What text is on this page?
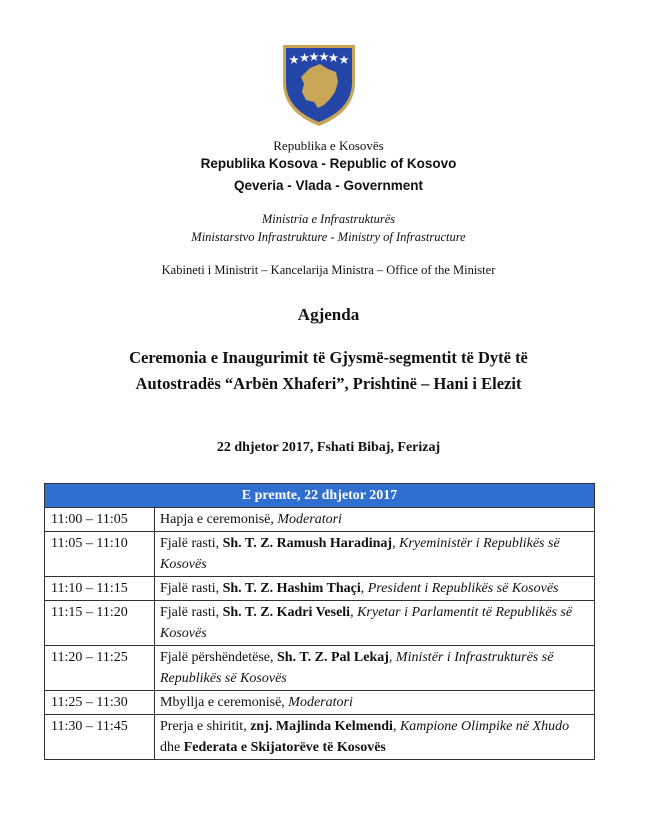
Republika e Kosovës
Republika Kosova - Republic of Kosovo
Qeveria - Vlada - Government
Ministria e Infrastrukturës
Ministarstvo Infrastrukture - Ministry of Infrastructure
Kabineti i Ministrit – Kancelarija Ministra – Office of the Minister
Agjenda
Ceremonia e Inaugurimit të Gjysmë-segmentit të Dytë të
Autostradës “Arbën Xhaferi”, Prishtinë – Hani i Elezit
22 dhjetor 2017, Fshati Bibaj, Ferizaj
E premte, 22 dhjetor 2017	
11:00 – 11:05	Hapja e ceremonisë, Moderatori
11:05 – 11:10	Fjalë rasti, Sh. T. Z. Ramush Haradinaj, Kryeministër i Republikës së Kosovës
11:10 – 11:15	Fjalë rasti, Sh. T. Z. Hashim Thaçi, President i Republikës së Kosovës
11:15 – 11:20	Fjalë rasti, Sh. T. Z. Kadri Veseli, Kryetar i Parlamentit të Republikës së Kosovës
11:20 – 11:25	Fjalë përshëndetëse, Sh. T. Z. Pal Lekaj, Ministër i Infrastrukturës së Republikës së Kosovës
11:25 – 11:30	Mbyllja e ceremonisë, Moderatori
11:30 – 11:45	Prerja e shiritit, znj. Majlinda Kelmendi, Kampione Olimpike në Xhudo dhe Federata e Skijatorëve të Kosovës
